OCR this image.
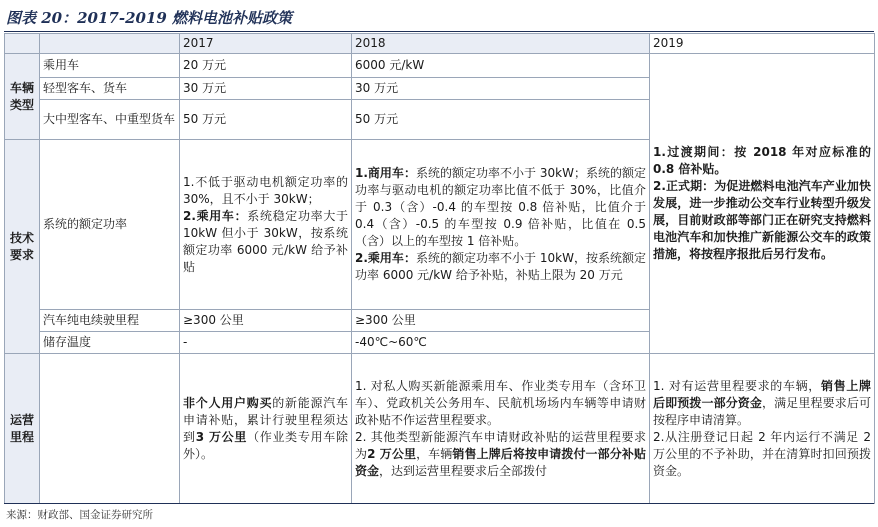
图表 20：2017-2019 燃料电池补贴政策
		2017	2018	2019
车辆类型	乘用车	20 万元	6000 元/kW	1.过渡期间：按 2018 年对应标准的 0.8 倍补贴。
2.正式期：为促进燃料电池汽车产业加快发展，进一步推动公交车行业转型升级发展，目前财政部等部门正在研究支持燃料电池汽车和加快推广新能源公交车的政策措施，将按程序报批后另行发布。
	轻型客车、货车	30 万元	30 万元	
	大中型客车、中重型货车	50 万元	50 万元	
技术要求	系统的额定功率	1.不低于驱动电机额定功率的 30%，且不小于 30kW；
2.乘用车：系统稳定功率大于 10kW 但小于 30kW，按系统额定功率 6000 元/kW 给予补贴	1.商用车：系统的额定功率不小于 30kW；系统的额定功率与驱动电机的额定功率比值不低于 30%，比值介于 0.3（含）-0.4 的车型按 0.8 倍补贴，比值介于 0.4（含）-0.5 的车型按 0.9 倍补贴，比值在 0.5（含）以上的车型按 1 倍补贴。
2.乘用车：系统的额定功率不小于 10kW，按系统额定功率 6000 元/kW 给予补贴，补贴上限为 20 万元	
	汽车纯电续驶里程	≥300 公里	≥300 公里	
	储存温度	-	-40℃~60℃	
运营里程		非个人用户购买的新能源汽车申请补贴，累计行驶里程须达到3 万公里（作业类专用车除外）。	1. 对私人购买新能源乘用车、作业类专用车（含环卫车）、党政机关公务用车、民航机场场内车辆等申请财政补贴不作运营里程要求。
2. 其他类型新能源汽车申请财政补贴的运营里程要求为2 万公里，车辆销售上牌后将按申请拨付一部分补贴资金，达到运营里程要求后全部拨付	1. 对有运营里程要求的车辆，销售上牌后即预拨一部分资金，满足里程要求后可按程序申请清算。
2.从注册登记日起 2 年内运行不满足 2 万公里的不予补助，并在清算时扣回预拨资金。
来源：财政部、国金证券研究所
